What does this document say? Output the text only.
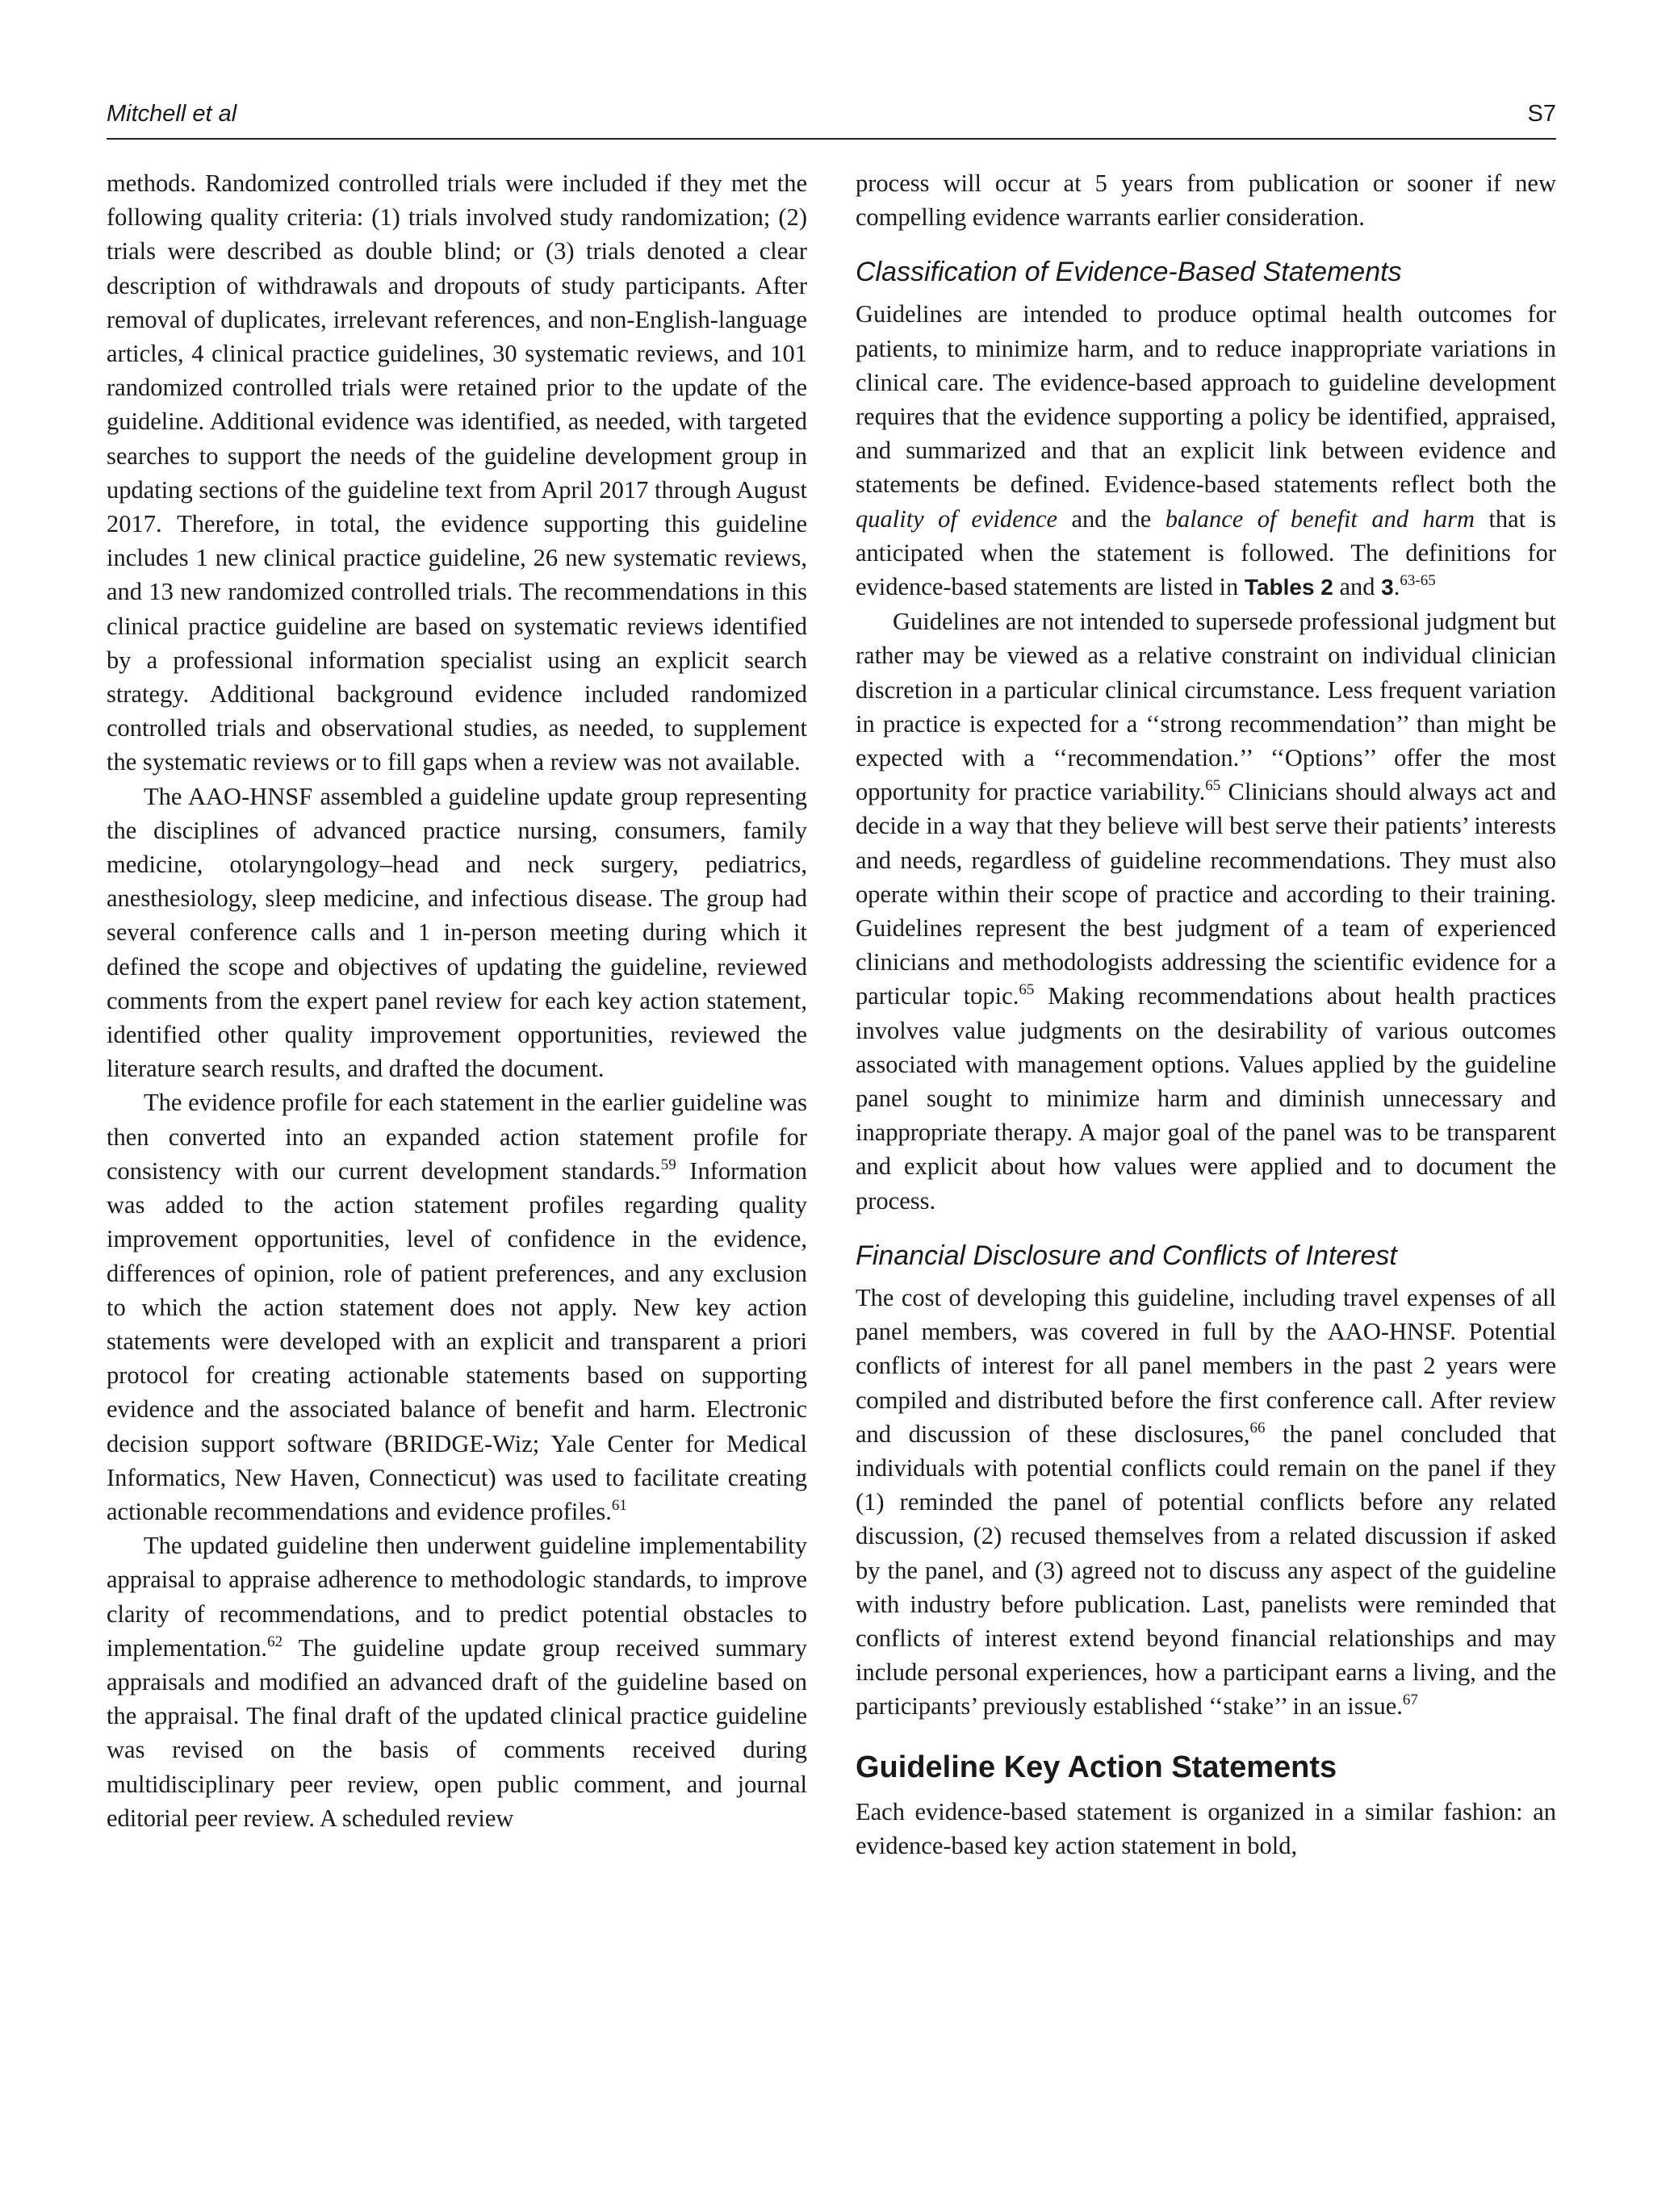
Mitchell et al	S7

methods. Randomized controlled trials were included if they met the following quality criteria: (1) trials involved study randomization; (2) trials were described as double blind; or (3) trials denoted a clear description of withdrawals and dropouts of study participants. After removal of duplicates, irrelevant references, and non-English-language articles, 4 clinical practice guidelines, 30 systematic reviews, and 101 randomized controlled trials were retained prior to the update of the guideline. Additional evidence was identified, as needed, with targeted searches to support the needs of the guideline development group in updating sections of the guideline text from April 2017 through August 2017. Therefore, in total, the evidence supporting this guideline includes 1 new clinical practice guideline, 26 new systematic reviews, and 13 new randomized controlled trials. The recommendations in this clinical practice guideline are based on systematic reviews identified by a professional information specialist using an explicit search strategy. Additional background evidence included randomized controlled trials and observational studies, as needed, to supplement the systematic reviews or to fill gaps when a review was not available.

The AAO-HNSF assembled a guideline update group representing the disciplines of advanced practice nursing, consumers, family medicine, otolaryngology–head and neck surgery, pediatrics, anesthesiology, sleep medicine, and infectious disease. The group had several conference calls and 1 in-person meeting during which it defined the scope and objectives of updating the guideline, reviewed comments from the expert panel review for each key action statement, identified other quality improvement opportunities, reviewed the literature search results, and drafted the document.

The evidence profile for each statement in the earlier guideline was then converted into an expanded action statement profile for consistency with our current development standards.$^{59}$ Information was added to the action statement profiles regarding quality improvement opportunities, level of confidence in the evidence, differences of opinion, role of patient preferences, and any exclusion to which the action statement does not apply. New key action statements were developed with an explicit and transparent a priori protocol for creating actionable statements based on supporting evidence and the associated balance of benefit and harm. Electronic decision support software (BRIDGE-Wiz; Yale Center for Medical Informatics, New Haven, Connecticut) was used to facilitate creating actionable recommendations and evidence profiles.$^{61}$

The updated guideline then underwent guideline implementability appraisal to appraise adherence to methodologic standards, to improve clarity of recommendations, and to predict potential obstacles to implementation.$^{62}$ The guideline update group received summary appraisals and modified an advanced draft of the guideline based on the appraisal. The final draft of the updated clinical practice guideline was revised on the basis of comments received during multidisciplinary peer review, open public comment, and journal editorial peer review. A scheduled review

process will occur at 5 years from publication or sooner if new compelling evidence warrants earlier consideration.

Classification of Evidence-Based Statements

Guidelines are intended to produce optimal health outcomes for patients, to minimize harm, and to reduce inappropriate variations in clinical care. The evidence-based approach to guideline development requires that the evidence supporting a policy be identified, appraised, and summarized and that an explicit link between evidence and statements be defined. Evidence-based statements reflect both the quality of evidence and the balance of benefit and harm that is anticipated when the statement is followed. The definitions for evidence-based statements are listed in Tables 2 and 3.$^{63-65}$

Guidelines are not intended to supersede professional judgment but rather may be viewed as a relative constraint on individual clinician discretion in a particular clinical circumstance. Less frequent variation in practice is expected for a ‘‘strong recommendation’’ than might be expected with a ‘‘recommendation.’’ ‘‘Options’’ offer the most opportunity for practice variability.$^{65}$ Clinicians should always act and decide in a way that they believe will best serve their patients’ interests and needs, regardless of guideline recommendations. They must also operate within their scope of practice and according to their training. Guidelines represent the best judgment of a team of experienced clinicians and methodologists addressing the scientific evidence for a particular topic.$^{65}$ Making recommendations about health practices involves value judgments on the desirability of various outcomes associated with management options. Values applied by the guideline panel sought to minimize harm and diminish unnecessary and inappropriate therapy. A major goal of the panel was to be transparent and explicit about how values were applied and to document the process.

Financial Disclosure and Conflicts of Interest

The cost of developing this guideline, including travel expenses of all panel members, was covered in full by the AAO-HNSF. Potential conflicts of interest for all panel members in the past 2 years were compiled and distributed before the first conference call. After review and discussion of these disclosures,$^{66}$ the panel concluded that individuals with potential conflicts could remain on the panel if they (1) reminded the panel of potential conflicts before any related discussion, (2) recused themselves from a related discussion if asked by the panel, and (3) agreed not to discuss any aspect of the guideline with industry before publication. Last, panelists were reminded that conflicts of interest extend beyond financial relationships and may include personal experiences, how a participant earns a living, and the participants’ previously established ‘‘stake’’ in an issue.$^{67}$

Guideline Key Action Statements

Each evidence-based statement is organized in a similar fashion: an evidence-based key action statement in bold,
